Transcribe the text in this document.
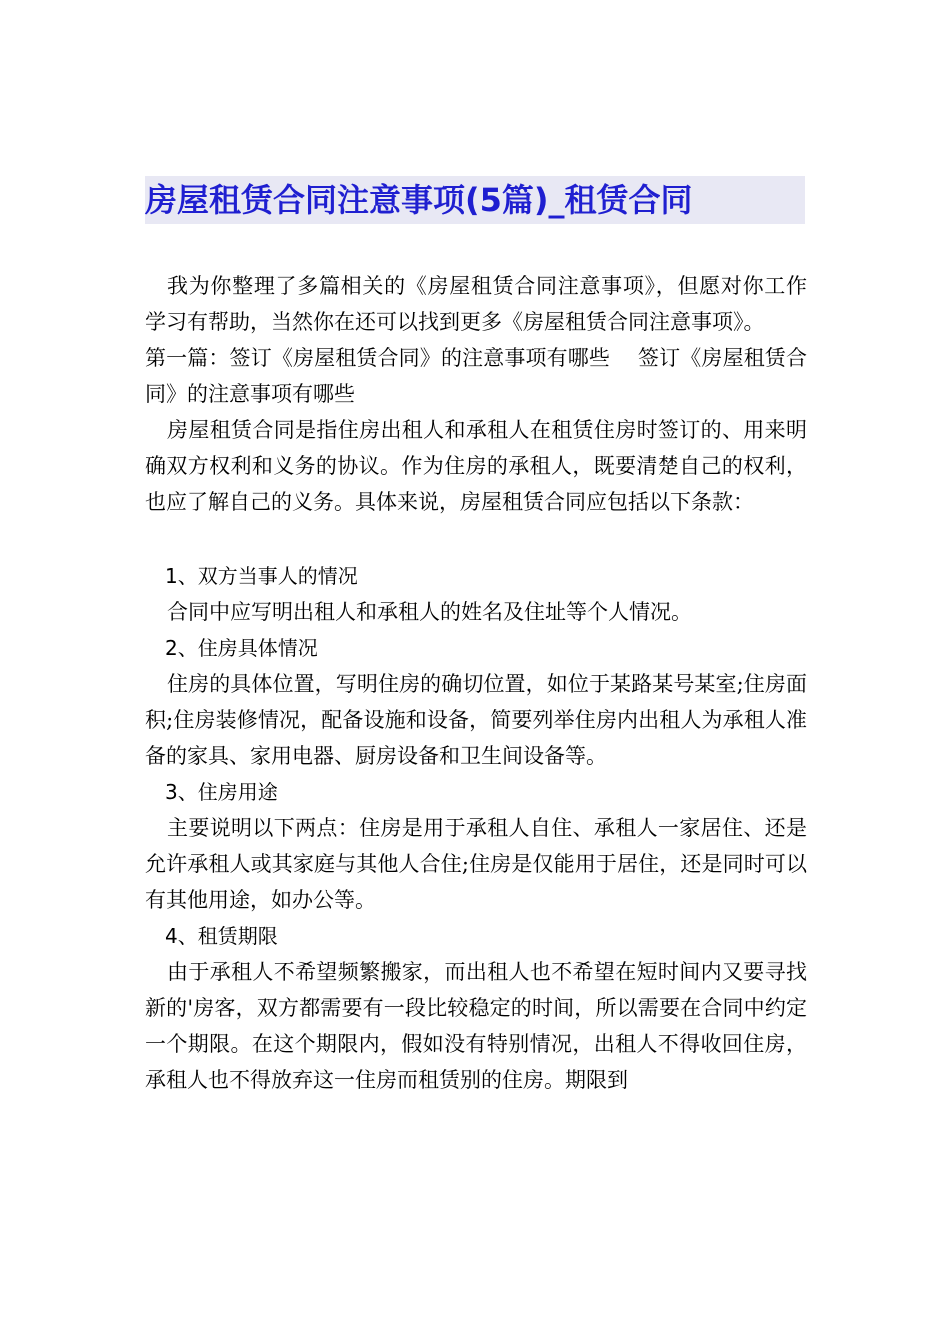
房屋租赁合同注意事项(5篇)_租赁合同

我为你整理了多篇相关的《房屋租赁合同注意事项》，但愿对你工作学习有帮助，当然你在还可以找到更多《房屋租赁合同注意事项》。

第一篇：签订《房屋租赁合同》的注意事项有哪些　 签订《房屋租赁合同》的注意事项有哪些

房屋租赁合同是指住房出租人和承租人在租赁住房时签订的、用来明确双方权利和义务的协议。作为住房的承租人，既要清楚自己的权利，也应了解自己的义务。具体来说，房屋租赁合同应包括以下条款：

1、双方当事人的情况

合同中应写明出租人和承租人的姓名及住址等个人情况。

2、住房具体情况

住房的具体位置，写明住房的确切位置，如位于某路某号某室;住房面积;住房装修情况，配备设施和设备，简要列举住房内出租人为承租人准备的家具、家用电器、厨房设备和卫生间设备等。

3、住房用途

主要说明以下两点：住房是用于承租人自住、承租人一家居住、还是允许承租人或其家庭与其他人合住;住房是仅能用于居住，还是同时可以有其他用途，如办公等。

4、租赁期限

由于承租人不希望频繁搬家，而出租人也不希望在短时间内又要寻找新的'房客，双方都需要有一段比较稳定的时间，所以需要在合同中约定一个期限。在这个期限内，假如没有特别情况，出租人不得收回住房，承租人也不得放弃这一住房而租赁别的住房。期限到
